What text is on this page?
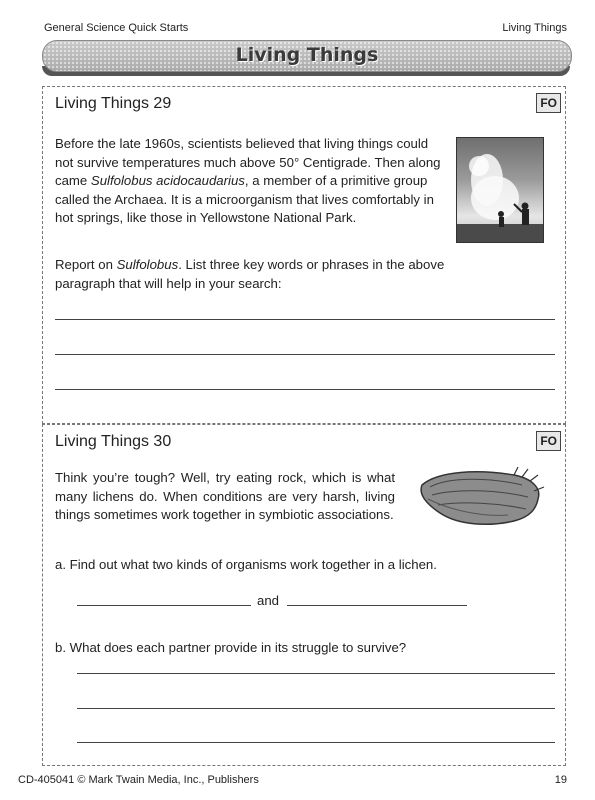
General Science Quick Starts	Living Things
Living Things
Living Things 29	FO
Before the late 1960s, scientists believed that living things could not survive temperatures much above 50° Centigrade. Then along came Sulfolobus acidocaudarius, a member of a primitive group called the Archaea. It is a microorganism that lives comfortably in hot springs, like those in Yellowstone National Park.
Report on Sulfolobus. List three key words or phrases in the above paragraph that will help in your search:
Living Things 30	FO
Think you’re tough? Well, try eating rock, which is what many lichens do. When conditions are very harsh, living things sometimes work together in symbiotic associations.
a. Find out what two kinds of organisms work together in a lichen.
and
b. What does each partner provide in its struggle to survive?
CD-405041 © Mark Twain Media, Inc., Publishers	19
